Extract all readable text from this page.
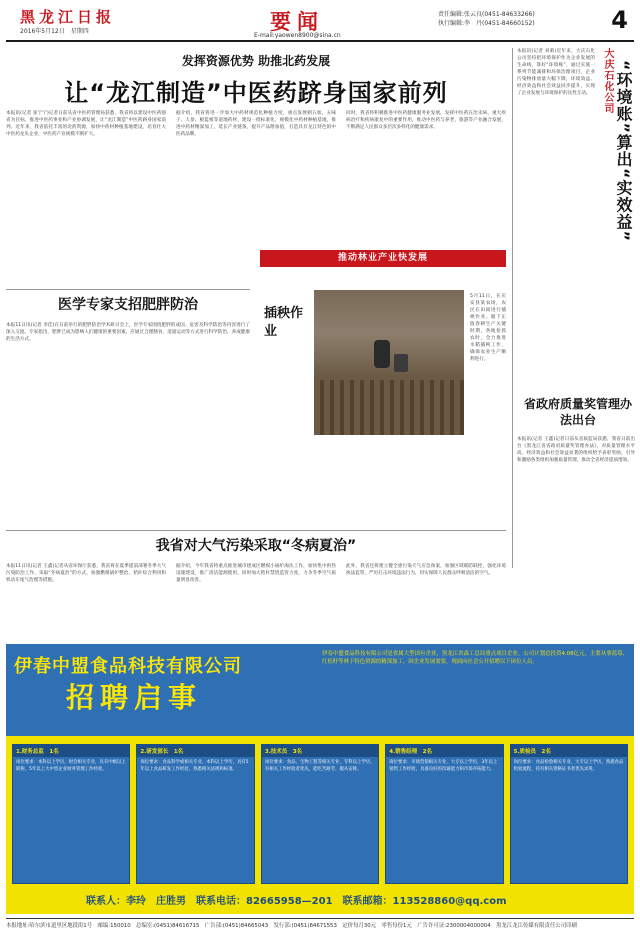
黑龙江日报
2016年5月12日　星期四	要闻
E-mail:yaowen8900@sina.cn
责任编辑:张云良(0451-84633266)
执行编辑:李　丹(0451-84660152)	4
发挥资源优势 助推北药发展
让“龙江制造”中医药跻身国家前列
本报讯(记者 张宁宁)记者日前从省中医药管理局获悉，我省将以建设中医药强省为目标，推进中医药事业和产业协调发展，让“龙江制造”中医药跻身国家前列。近年来，我省依托丰富的北药资源，加快中药材种植基地建设，培育壮大中医药龙头企业，中医药产业规模不断扩大。
据介绍，我省将进一步加大中药材规范化种植力度，重点发展刺五加、五味子、人参、板蓝根等道地药材，建设一批标准化、规模化中药材种植基地，推进中药材精深加工，延长产业链条，提升产品附加值，打造具有龙江特色的中医药品牌。
同时，我省将积极推进中医药健康服务业发展，发挥中医药在治未病、重大疾病治疗和疾病康复中的重要作用，推动中医药与养老、旅游等产业融合发展，不断满足人民群众多层次多样化的健康需求。
推动林业产业快发展
本报讯(记者 刘莉)近年来，大庆石化公司坚持把环境保护作为企业发展的生命线，算好“环境账”，通过实施一系列节能减排和环保治理项目，企业污染物排放量大幅下降，环境效益、经济效益和社会效益同步提升，实现了企业发展与环境保护的良性互动。	大庆石化公司 “环境账”算出“实效益”
省政府质量奖管理办法出台
本报讯(记者 王鑫)记者日前从省质监局获悉，我省日前出台《黑龙江省省政府质量奖管理办法》，对质量管理水平高、经济效益和社会效益显著的组织给予表彰奖励，引导和激励各类组织加强质量管理，推动全省经济提质增效。
医学专家支招肥胖防治
本报11日讯(记者 李佳)在日前举行的肥胖防治学术研讨会上，医学专家围绕肥胖的成因、危害及科学防治等内容进行了深入交流。专家指出，肥胖已成为影响人们健康的重要因素，应通过合理膳食、适量运动等方式进行科学防治，养成健康的生活方式。
插秧作业
5月11日，在庆安县某农场，农民在田间进行插秧作业。眼下正值春耕生产关键时期，各地抢抓农时，全力推进水稻插秧工作，确保农业生产顺利进行。
我省对大气污染采取“冬病夏治”
本报11日讯(记者 王鑫)记者从省环保厅获悉，我省将在夏季提前部署冬季大气污染防治工作，采取“冬病夏治”的方式，加强燃煤锅炉整治、秸秆综合利用和机动车尾气治理等措施。
据介绍，今年我省将重点推进城市建成区燃煤小锅炉淘汰工作，加快集中供热设施建设，推广清洁能源使用，同时加大秸秆禁烧监管力度，力争冬季空气质量明显改善。
此外，我省还将建立健全重污染天气应急预案，加强区域联防联控，强化环境执法监管，严厉打击环境违法行为，切实保障人民群众呼吸清洁的空气。
伊春中盟食品科技有限公司
招聘启事
伊春中盟食品科技有限公司是省属大型国有企业，黑龙江省森工总局重点项目企业，公司计划总投资4.08亿元，主要从事蓝莓、红松籽等林下特色资源的精深加工。因企业发展需要，现面向社会公开招聘以下岗位人员。
1.财务总监　1名
岗位要求：本科以上学历，财会相关专业，具有中级以上职称，5年以上大中型企业财务管理工作经验。
2.研发部长　1名
岗位要求：食品科学或相关专业，本科以上学历，具有5年以上食品研发工作经验，熟悉相关法规和标准。
3.技术员　3名
岗位要求：食品、生物工程等相关专业，专科以上学历，有相关工作经验者优先，能吃苦耐劳，服从安排。
4.销售经理　2名
岗位要求：市场营销相关专业，大专以上学历，3年以上销售工作经验，具备良好的沟通能力和市场开拓能力。
5.质检员　2名
岗位要求：食品检验相关专业，大专以上学历，熟悉食品检验流程，持有相关资格证书者优先录用。
联系人：李玲　庄胜男　联系电话：82665958—201　联系邮箱：113528860@qq.com
本报地址:哈尔滨市道里区地段街1号　邮编:150010　总编室:(0451)84616715　广告部:(0451)84665043　发行部:(0451)84671553　定价每月30元　零售每份1元　广告许可证:2300004000004　黑龙江龙江传媒有限责任公司印刷
